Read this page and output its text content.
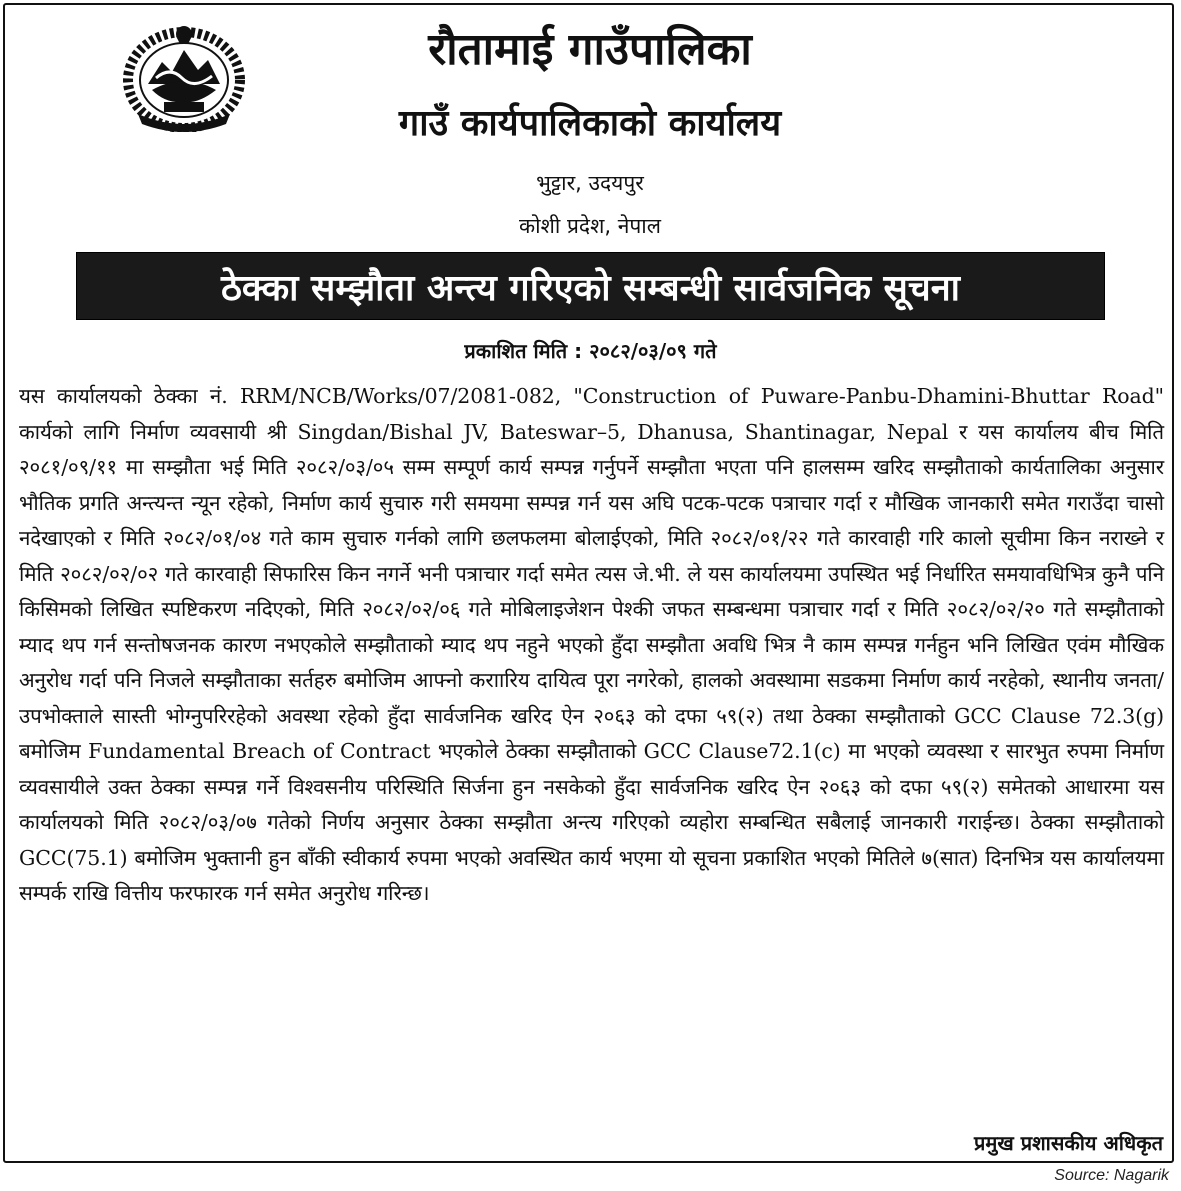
रौतामाई गाउँपालिका
गाउँ कार्यपालिकाको कार्यालय
भुट्टार, उदयपुर
कोशी प्रदेश, नेपाल
ठेक्का सम्झौता अन्त्य गरिएको सम्बन्धी सार्वजनिक सूचना
प्रकाशित मिति : २०८२/०३/०९ गते
यस कार्यालयको ठेक्का नं. RRM/NCB/Works/07/2081-082, "Construction of Puware-Panbu-Dhamini-Bhuttar Road" कार्यको लागि निर्माण व्यवसायी श्री Singdan/Bishal JV, Bateswar–5, Dhanusa, Shantinagar, Nepal र यस कार्यालय बीच मिति २०८१/०९/११ मा सम्झौता भई मिति २०८२/०३/०५ सम्म सम्पूर्ण कार्य सम्पन्न गर्नुपर्ने सम्झौता भएता पनि हालसम्म खरिद सम्झौताको कार्यतालिका अनुसार भौतिक प्रगति अन्त्यन्त न्यून रहेको, निर्माण कार्य सुचारु गरी समयमा सम्पन्न गर्न यस अघि पटक-पटक पत्राचार गर्दा र मौखिक जानकारी समेत गराउँदा चासो नदेखाएको र मिति २०८२/०१/०४ गते काम सुचारु गर्नको लागि छलफलमा बोलाईएको, मिति २०८२/०१/२२ गते कारवाही गरि कालो सूचीमा किन नराख्ने र मिति २०८२/०२/०२ गते कारवाही सिफारिस किन नगर्ने भनी पत्राचार गर्दा समेत त्यस जे.भी. ले यस कार्यालयमा उपस्थित भई निर्धारित समयावधिभित्र कुनै पनि किसिमको लिखित स्पष्टिकरण नदिएको, मिति २०८२/०२/०६ गते मोबिलाइजेशन पेश्की जफत सम्बन्धमा पत्राचार गर्दा र मिति २०८२/०२/२० गते सम्झौताको म्याद थप गर्न सन्तोषजनक कारण नभएकोले सम्झौताको म्याद थप नहुने भएको हुँदा सम्झौता अवधि भित्र नै काम सम्पन्न गर्नहुन भनि लिखित एवंम मौखिक अनुरोध गर्दा पनि निजले सम्झौताका सर्तहरु बमोजिम आफ्नो कराारिय दायित्व पूरा नगरेको, हालको अवस्थामा सडकमा निर्माण कार्य नरहेको, स्थानीय जनता/उपभोक्ताले सास्ती भोग्नुपरिरहेको अवस्था रहेको हुँदा सार्वजनिक खरिद ऐन २०६३ को दफा ५९(२) तथा ठेक्का सम्झौताको GCC Clause 72.3(g) बमोजिम Fundamental Breach of Contract भएकोले ठेक्का सम्झौताको GCC Clause72.1(c) मा भएको व्यवस्था र सारभुत रुपमा निर्माण व्यवसायीले उक्त ठेक्का सम्पन्न गर्ने विश्वसनीय परिस्थिति सिर्जना हुन नसकेको हुँदा सार्वजनिक खरिद ऐन २०६३ को दफा ५९(२) समेतको आधारमा यस कार्यालयको मिति २०८२/०३/०७ गतेको निर्णय अनुसार ठेक्का सम्झौता अन्त्य गरिएको व्यहोरा सम्बन्धित सबैलाई जानकारी गराईन्छ। ठेक्का सम्झौताको GCC(75.1) बमोजिम भुक्तानी हुन बाँकी स्वीकार्य रुपमा भएको अवस्थित कार्य भएमा यो सूचना प्रकाशित भएको मितिले ७(सात) दिनभित्र यस कार्यालयमा सम्पर्क राखि वित्तीय फरफारक गर्न समेत अनुरोध गरिन्छ।
प्रमुख प्रशासकीय अधिकृत
Source: Nagarik
